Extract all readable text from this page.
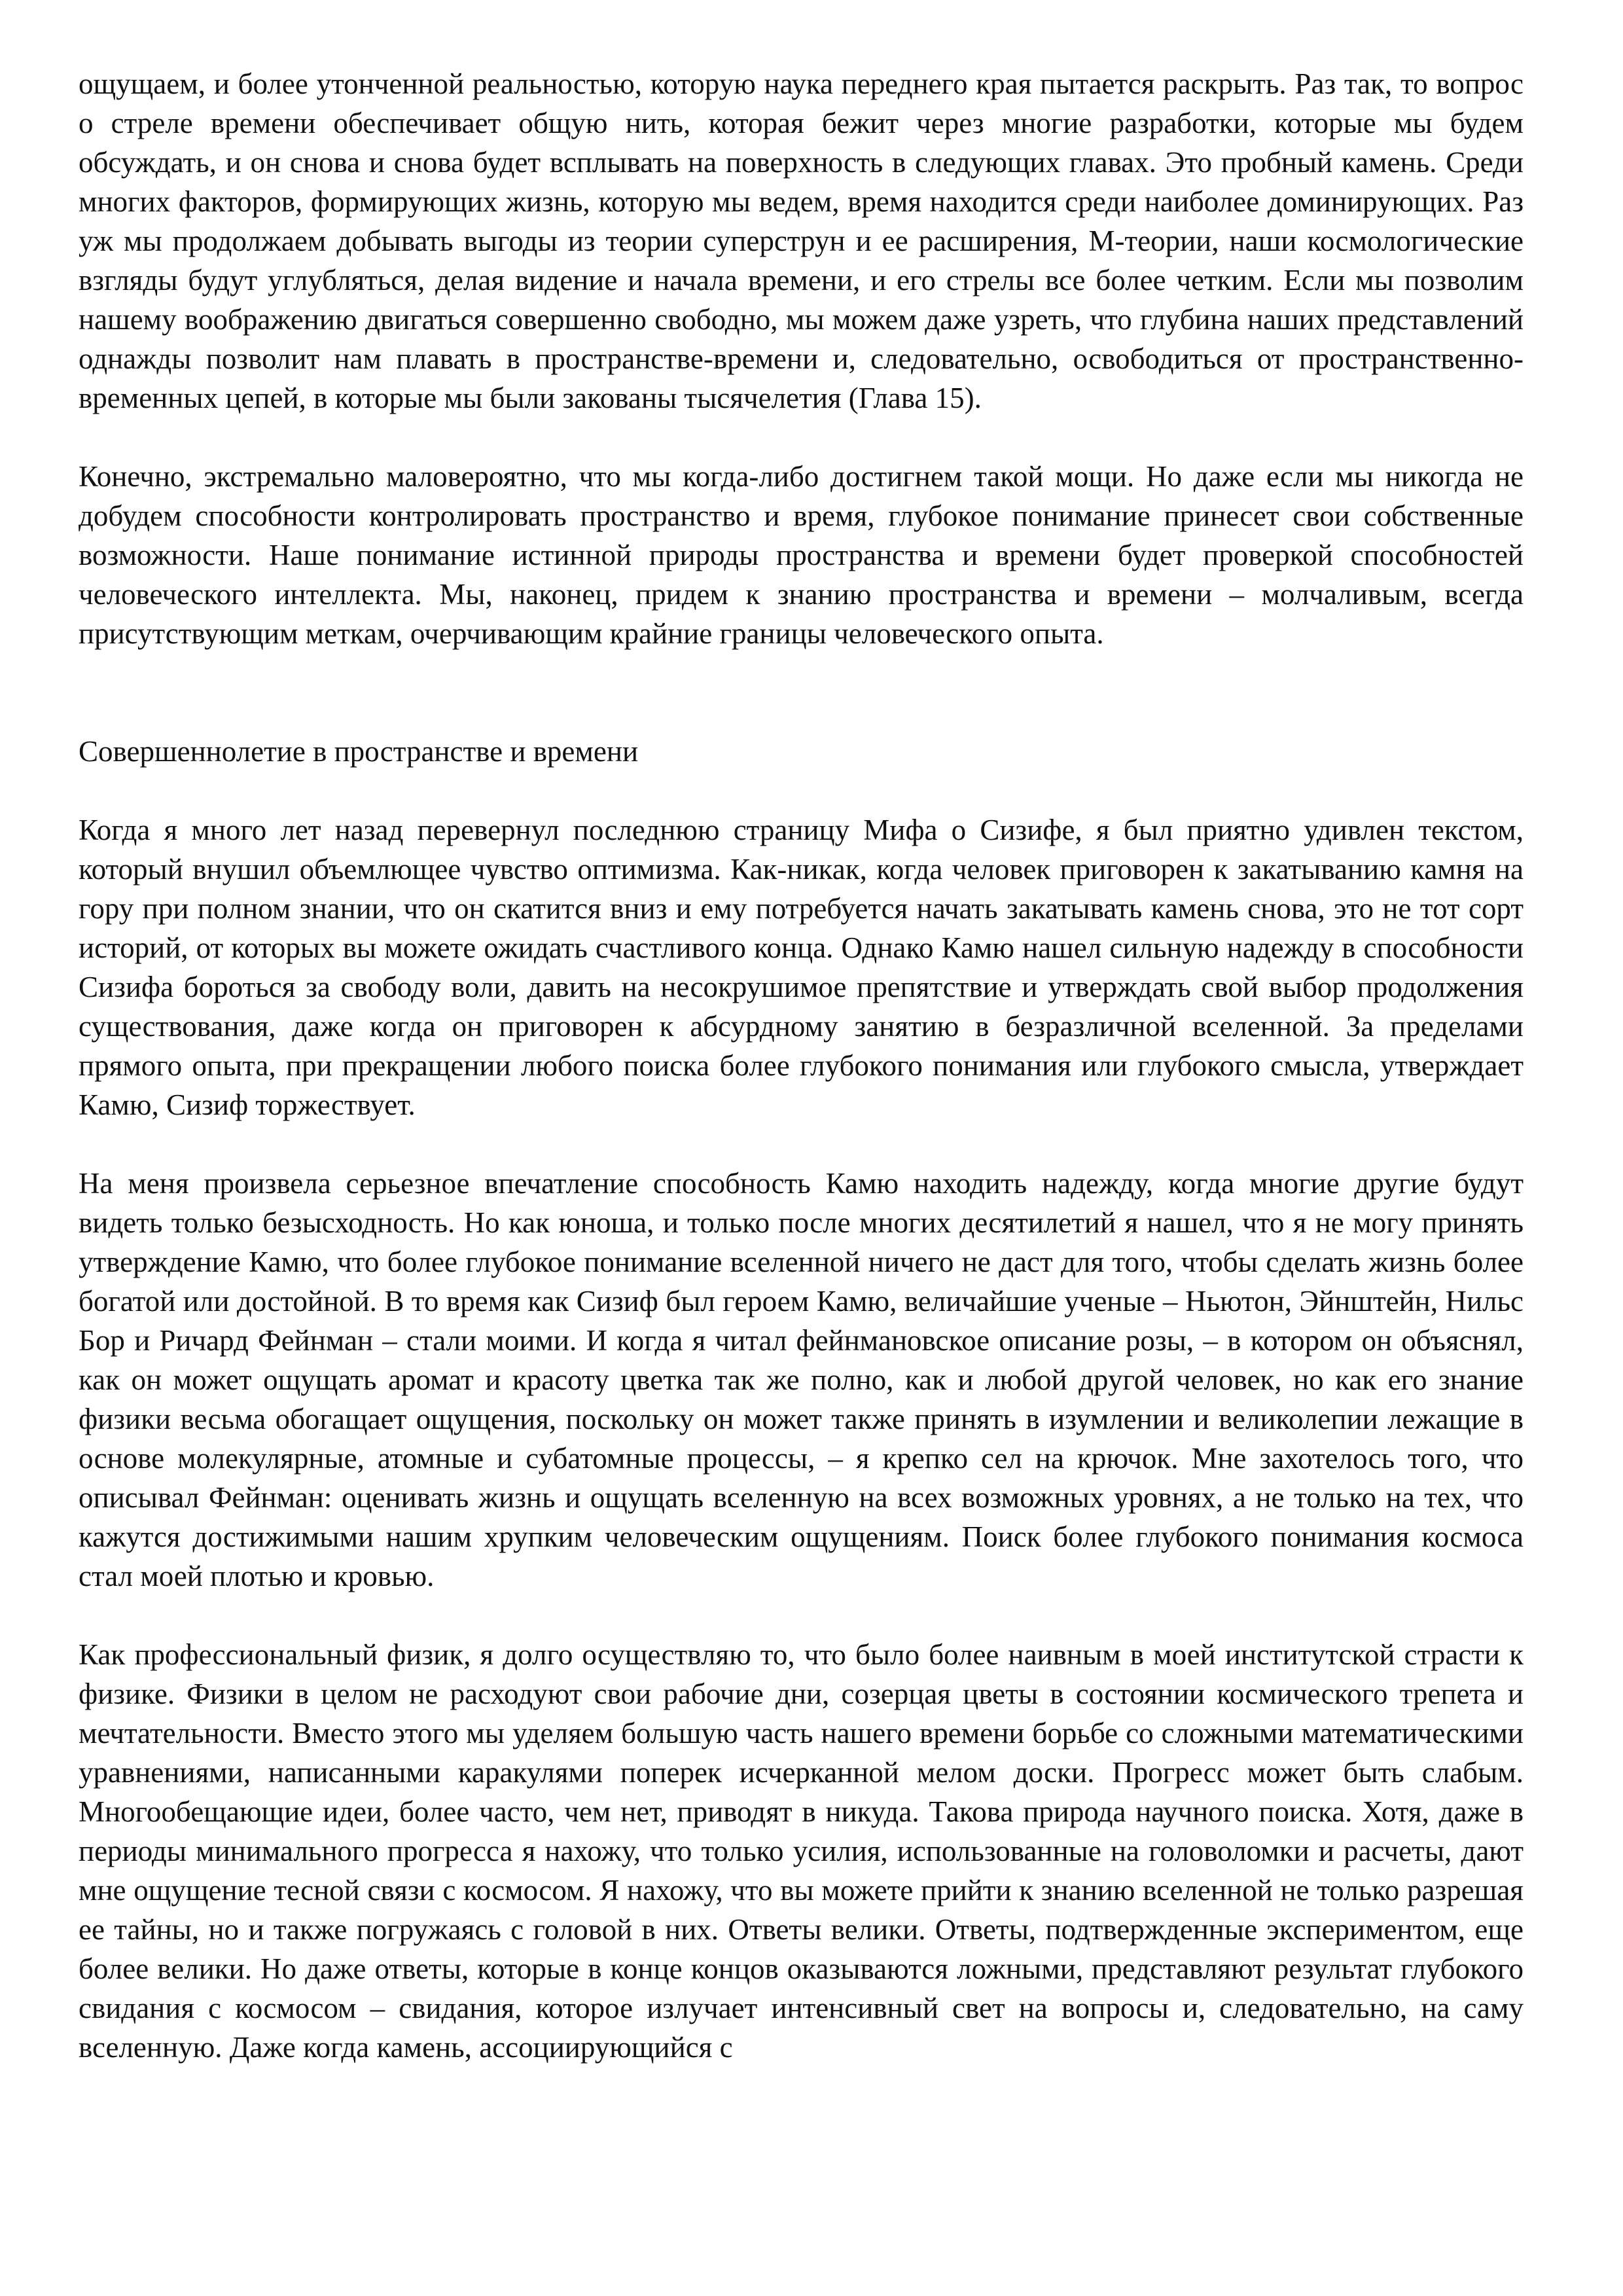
ощущаем, и более утонченной реальностью, которую наука переднего края пытается раскрыть. Раз так, то вопрос о стреле времени обеспечивает общую нить, которая бежит через многие разработки, которые мы будем обсуждать, и он снова и снова будет всплывать на поверхность в следующих главах. Это пробный камень. Среди многих факторов, формирующих жизнь, которую мы ведем, время находится среди наиболее доминирующих. Раз уж мы продолжаем добывать выгоды из теории суперструн и ее расширения, М-теории, наши космологические взгляды будут углубляться, делая видение и начала времени, и его стрелы все более четким. Если мы позволим нашему воображению двигаться совершенно свободно, мы можем даже узреть, что глубина наших представлений однажды позволит нам плавать в пространстве-времени и, следовательно, освободиться от пространственно-временных цепей, в которые мы были закованы тысячелетия (Глава 15).

Конечно, экстремально маловероятно, что мы когда-либо достигнем такой мощи. Но даже если мы никогда не добудем способности контролировать пространство и время, глубокое понимание принесет свои собственные возможности. Наше понимание истинной природы пространства и времени будет проверкой способностей человеческого интеллекта. Мы, наконец, придем к знанию пространства и времени – молчаливым, всегда присутствующим меткам, очерчивающим крайние границы человеческого опыта.

Совершеннолетие в пространстве и времени

Когда я много лет назад перевернул последнюю страницу Мифа о Сизифе, я был приятно удивлен текстом, который внушил объемлющее чувство оптимизма. Как-никак, когда человек приговорен к закатыванию камня на гору при полном знании, что он скатится вниз и ему потребуется начать закатывать камень снова, это не тот сорт историй, от которых вы можете ожидать счастливого конца. Однако Камю нашел сильную надежду в способности Сизифа бороться за свободу воли, давить на несокрушимое препятствие и утверждать свой выбор продолжения существования, даже когда он приговорен к абсурдному занятию в безразличной вселенной. За пределами прямого опыта, при прекращении любого поиска более глубокого понимания или глубокого смысла, утверждает Камю, Сизиф торжествует.

На меня произвела серьезное впечатление способность Камю находить надежду, когда многие другие будут видеть только безысходность. Но как юноша, и только после многих десятилетий я нашел, что я не могу принять утверждение Камю, что более глубокое понимание вселенной ничего не даст для того, чтобы сделать жизнь более богатой или достойной. В то время как Сизиф был героем Камю, величайшие ученые – Ньютон, Эйнштейн, Нильс Бор и Ричард Фейнман – стали моими. И когда я читал фейнмановское описание розы, – в котором он объяснял, как он может ощущать аромат и красоту цветка так же полно, как и любой другой человек, но как его знание физики весьма обогащает ощущения, поскольку он может также принять в изумлении и великолепии лежащие в основе молекулярные, атомные и субатомные процессы, – я крепко сел на крючок. Мне захотелось того, что описывал Фейнман: оценивать жизнь и ощущать вселенную на всех возможных уровнях, а не только на тех, что кажутся достижимыми нашим хрупким человеческим ощущениям. Поиск более глубокого понимания космоса стал моей плотью и кровью.

Как профессиональный физик, я долго осуществляю то, что было более наивным в моей институтской страсти к физике. Физики в целом не расходуют свои рабочие дни, созерцая цветы в состоянии космического трепета и мечтательности. Вместо этого мы уделяем большую часть нашего времени борьбе со сложными математическими уравнениями, написанными каракулями поперек исчерканной мелом доски. Прогресс может быть слабым. Многообещающие идеи, более часто, чем нет, приводят в никуда. Такова природа научного поиска. Хотя, даже в периоды минимального прогресса я нахожу, что только усилия, использованные на головоломки и расчеты, дают мне ощущение тесной связи с космосом. Я нахожу, что вы можете прийти к знанию вселенной не только разрешая ее тайны, но и также погружаясь с головой в них. Ответы велики. Ответы, подтвержденные экспериментом, еще более велики. Но даже ответы, которые в конце концов оказываются ложными, представляют результат глубокого свидания с космосом – свидания, которое излучает интенсивный свет на вопросы и, следовательно, на саму вселенную. Даже когда камень, ассоциирующийся с
